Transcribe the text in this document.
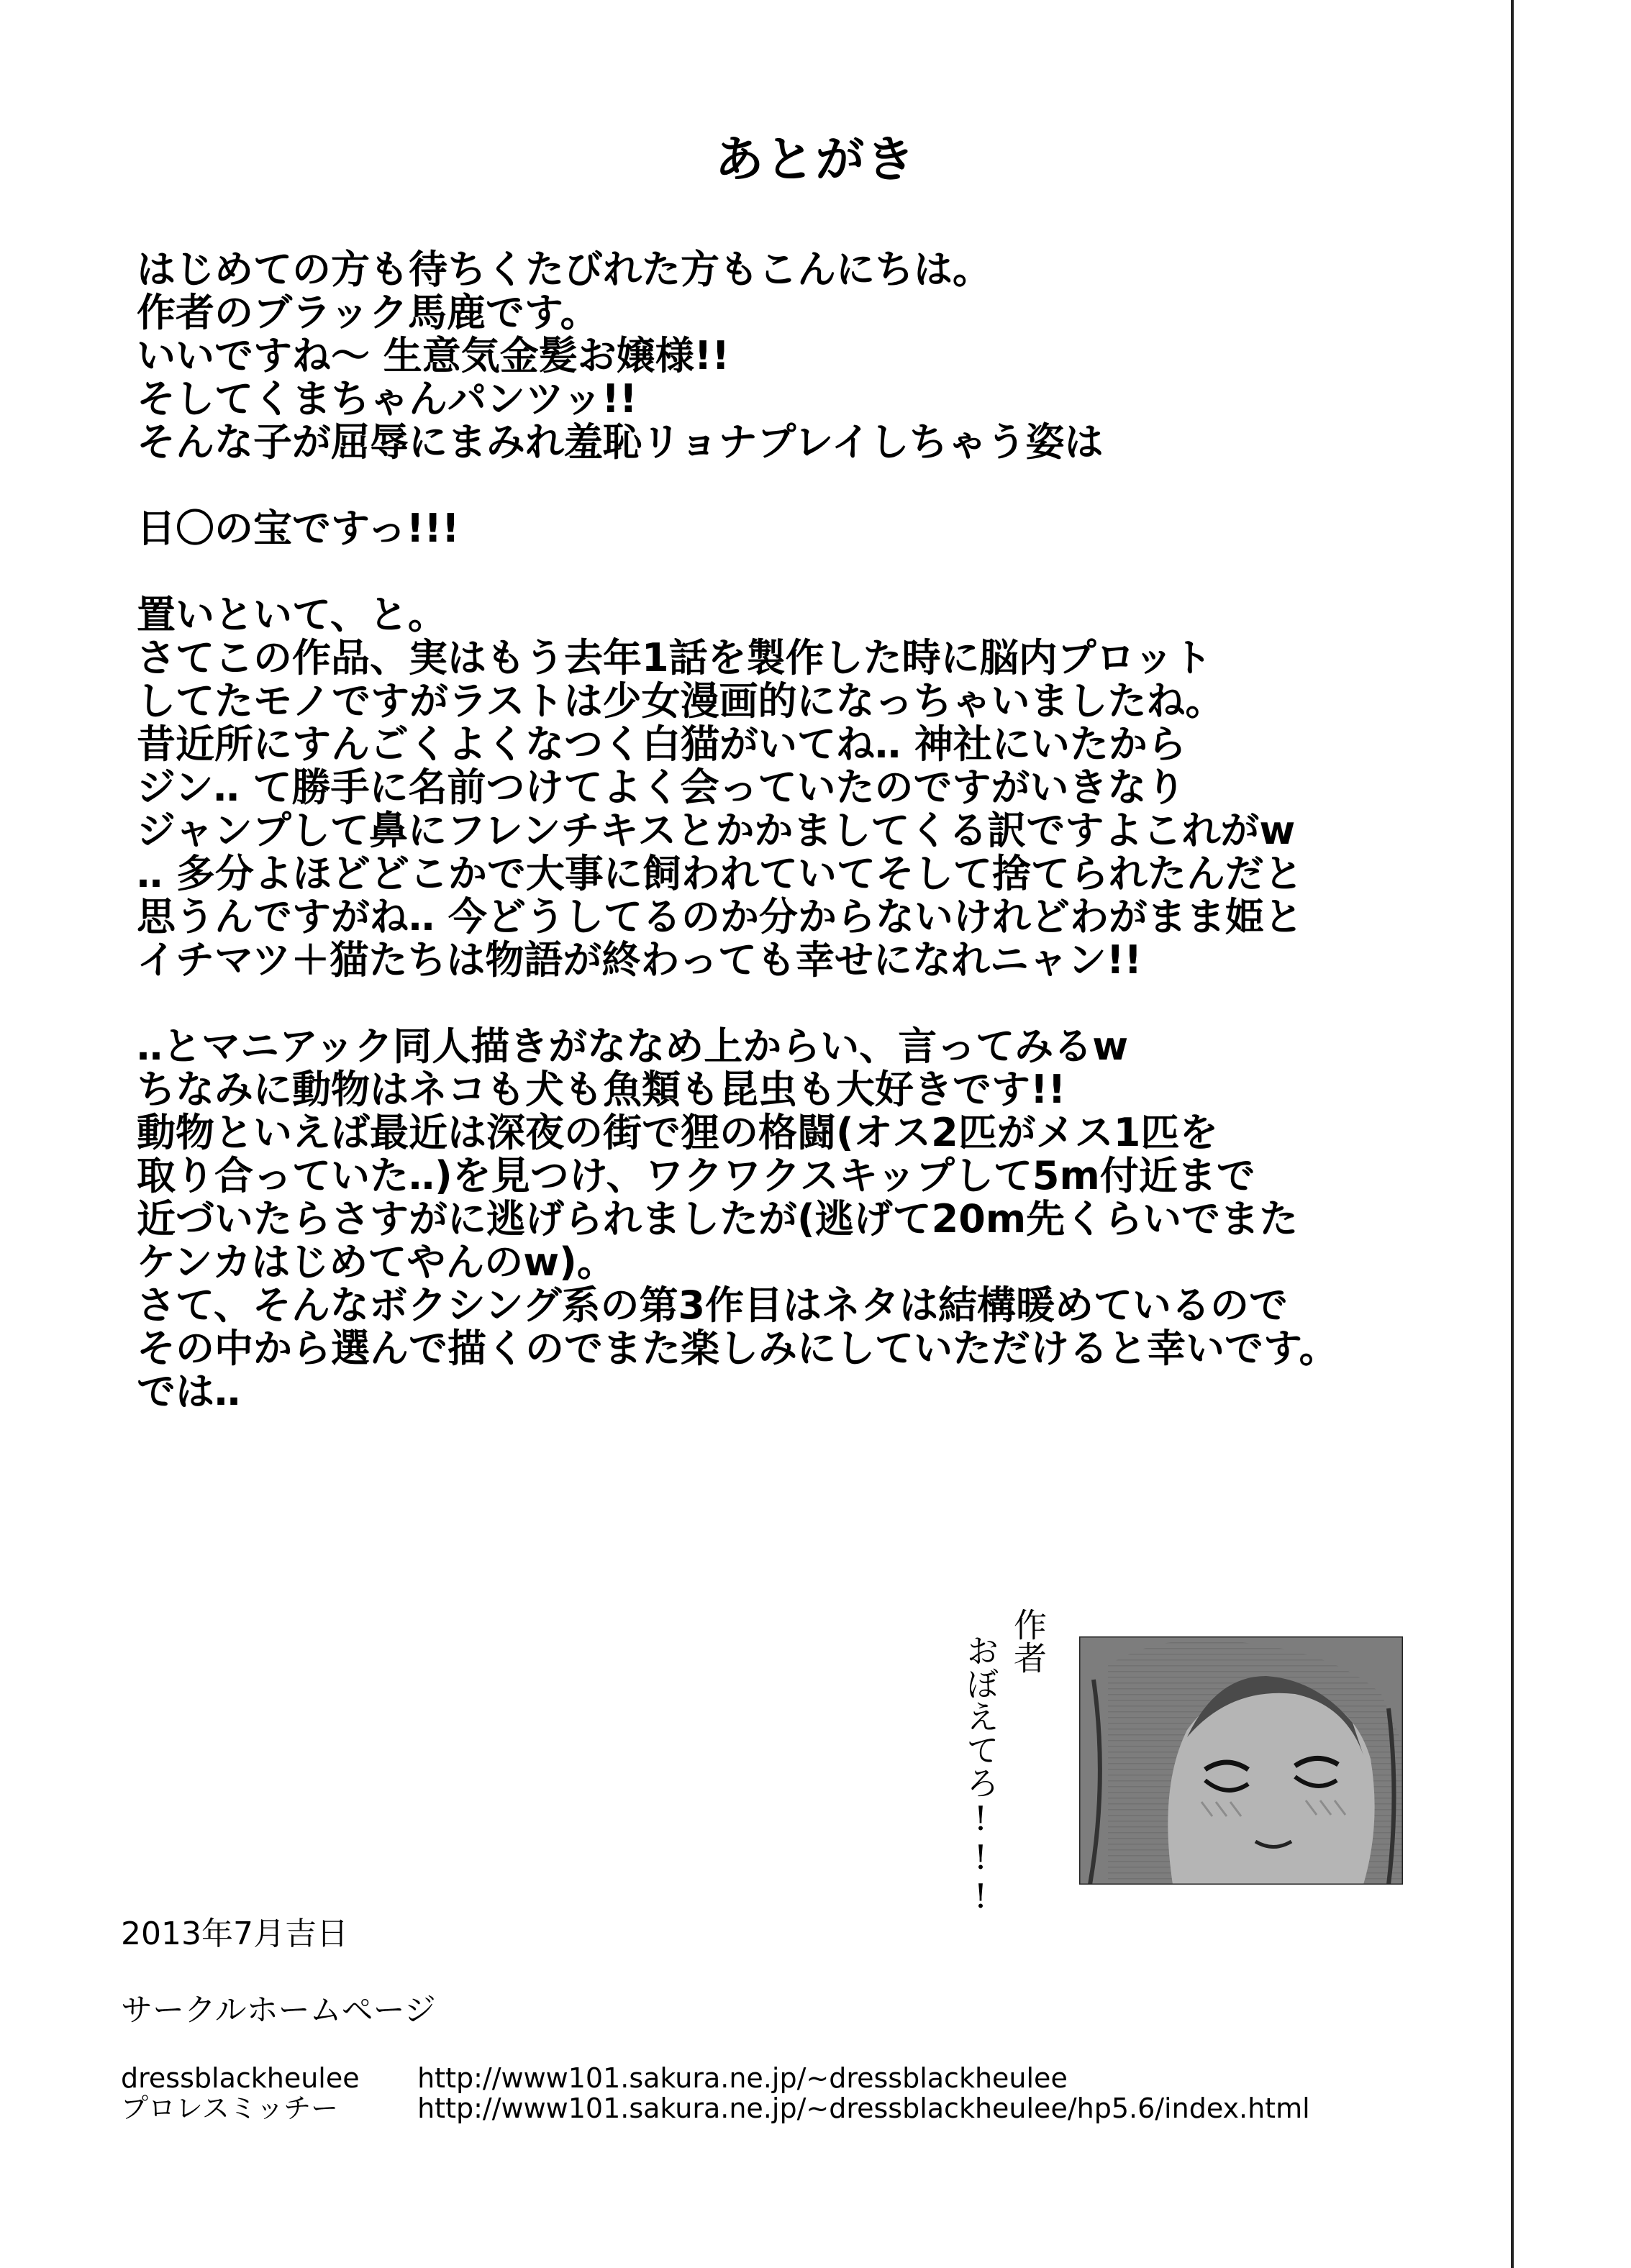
あとがき
はじめての方も待ちくたびれた方もこんにちは。
作者のブラック馬鹿です。
いいですね～ 生意気金髪お嬢様!!
そしてくまちゃんパンツッ!!
そんな子が屈辱にまみれ羞恥リョナプレイしちゃう姿は
日〇の宝ですっ!!!
置いといて、と。
さてこの作品、実はもう去年1話を製作した時に脳内プロット
してたモノですがラストは少女漫画的になっちゃいましたね。
昔近所にすんごくよくなつく白猫がいてね‥ 神社にいたから
ジン‥ て勝手に名前つけてよく会っていたのですがいきなり
ジャンプして鼻にフレンチキスとかかましてくる訳ですよこれがw
‥ 多分よほどどこかで大事に飼われていてそして捨てられたんだと
思うんですがね‥ 今どうしてるのか分からないけれどわがまま姫と
イチマツ＋猫たちは物語が終わっても幸せになれニャン!!
‥とマニアック同人描きがななめ上からい、言ってみるw
ちなみに動物はネコも犬も魚類も昆虫も大好きです!!
動物といえば最近は深夜の街で狸の格闘(オス2匹がメス1匹を
取り合っていた‥)を見つけ、ワクワクスキップして5m付近まで
近づいたらさすがに逃げられましたが(逃げて20m先くらいでまた
ケンカはじめてやんのw)。
さて、そんなボクシング系の第3作目はネタは結構暖めているので
その中から選んで描くのでまた楽しみにしていただけると幸いです。
では‥
作者
おぼえてろ!!!
2013年7月吉日
サークルホームページ
dressblackheulee http://www101.sakura.ne.jp/~dressblackheulee
プロレスミッチー	http://www101.sakura.ne.jp/~dressblackheulee/hp5.6/index.html
